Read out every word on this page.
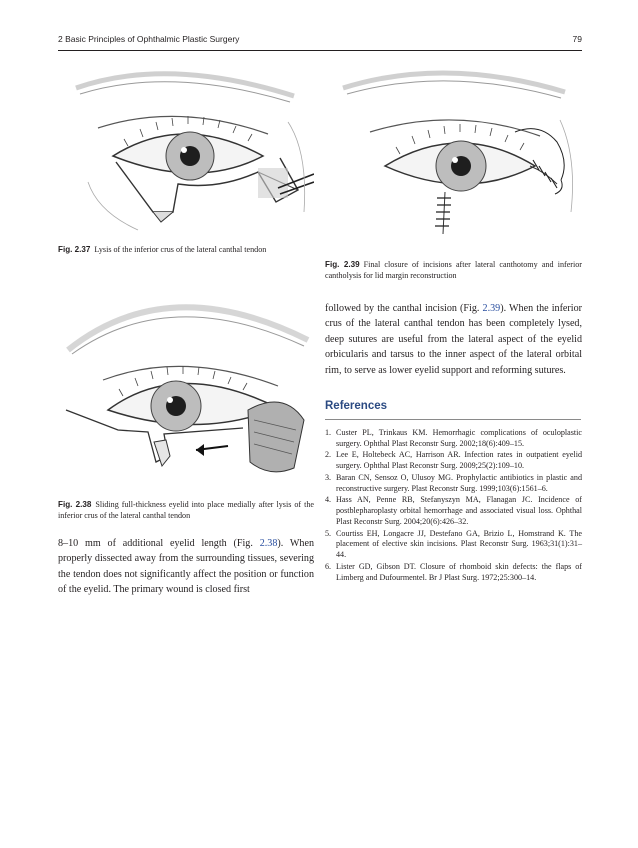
2 Basic Principles of Ophthalmic Plastic Surgery	79
Fig. 2.37 Lysis of the inferior crus of the lateral canthal tendon
Fig. 2.38 Sliding full-thickness eyelid into place medially after lysis of the inferior crus of the lateral canthal tendon
8–10 mm of additional eyelid length (Fig. 2.38). When properly dissected away from the surrounding tissues, severing the tendon does not significantly affect the position or function of the eyelid. The primary wound is closed first
Fig. 2.39 Final closure of incisions after lateral canthotomy and inferior cantholysis for lid margin reconstruction
followed by the canthal incision (Fig. 2.39). When the inferior crus of the lateral canthal tendon has been completely lysed, deep sutures are useful from the lateral aspect of the eyelid orbicularis and tarsus to the inner aspect of the lateral orbital rim, to serve as lower eyelid support and reforming sutures.
References
1. Custer PL, Trinkaus KM. Hemorrhagic complications of oculoplastic surgery. Ophthal Plast Reconstr Surg. 2002;18(6):409–15.
2. Lee E, Holtebeck AC, Harrison AR. Infection rates in outpatient eyelid surgery. Ophthal Plast Reconstr Surg. 2009;25(2):109–10.
3. Baran CN, Sensoz O, Ulusoy MG. Prophylactic antibiotics in plastic and reconstructive surgery. Plast Reconstr Surg. 1999;103(6):1561–6.
4. Hass AN, Penne RB, Stefanyszyn MA, Flanagan JC. Incidence of postblepharoplasty orbital hemorrhage and associated visual loss. Ophthal Plast Reconstr Surg. 2004;20(6):426–32.
5. Courtiss EH, Longacre JJ, Destefano GA, Brizio L, Homstrand K. The placement of elective skin incisions. Plast Reconstr Surg. 1963;31(1):31–44.
6. Lister GD, Gibson DT. Closure of rhomboid skin defects: the flaps of Limberg and Dufourmentel. Br J Plast Surg. 1972;25:300–14.
